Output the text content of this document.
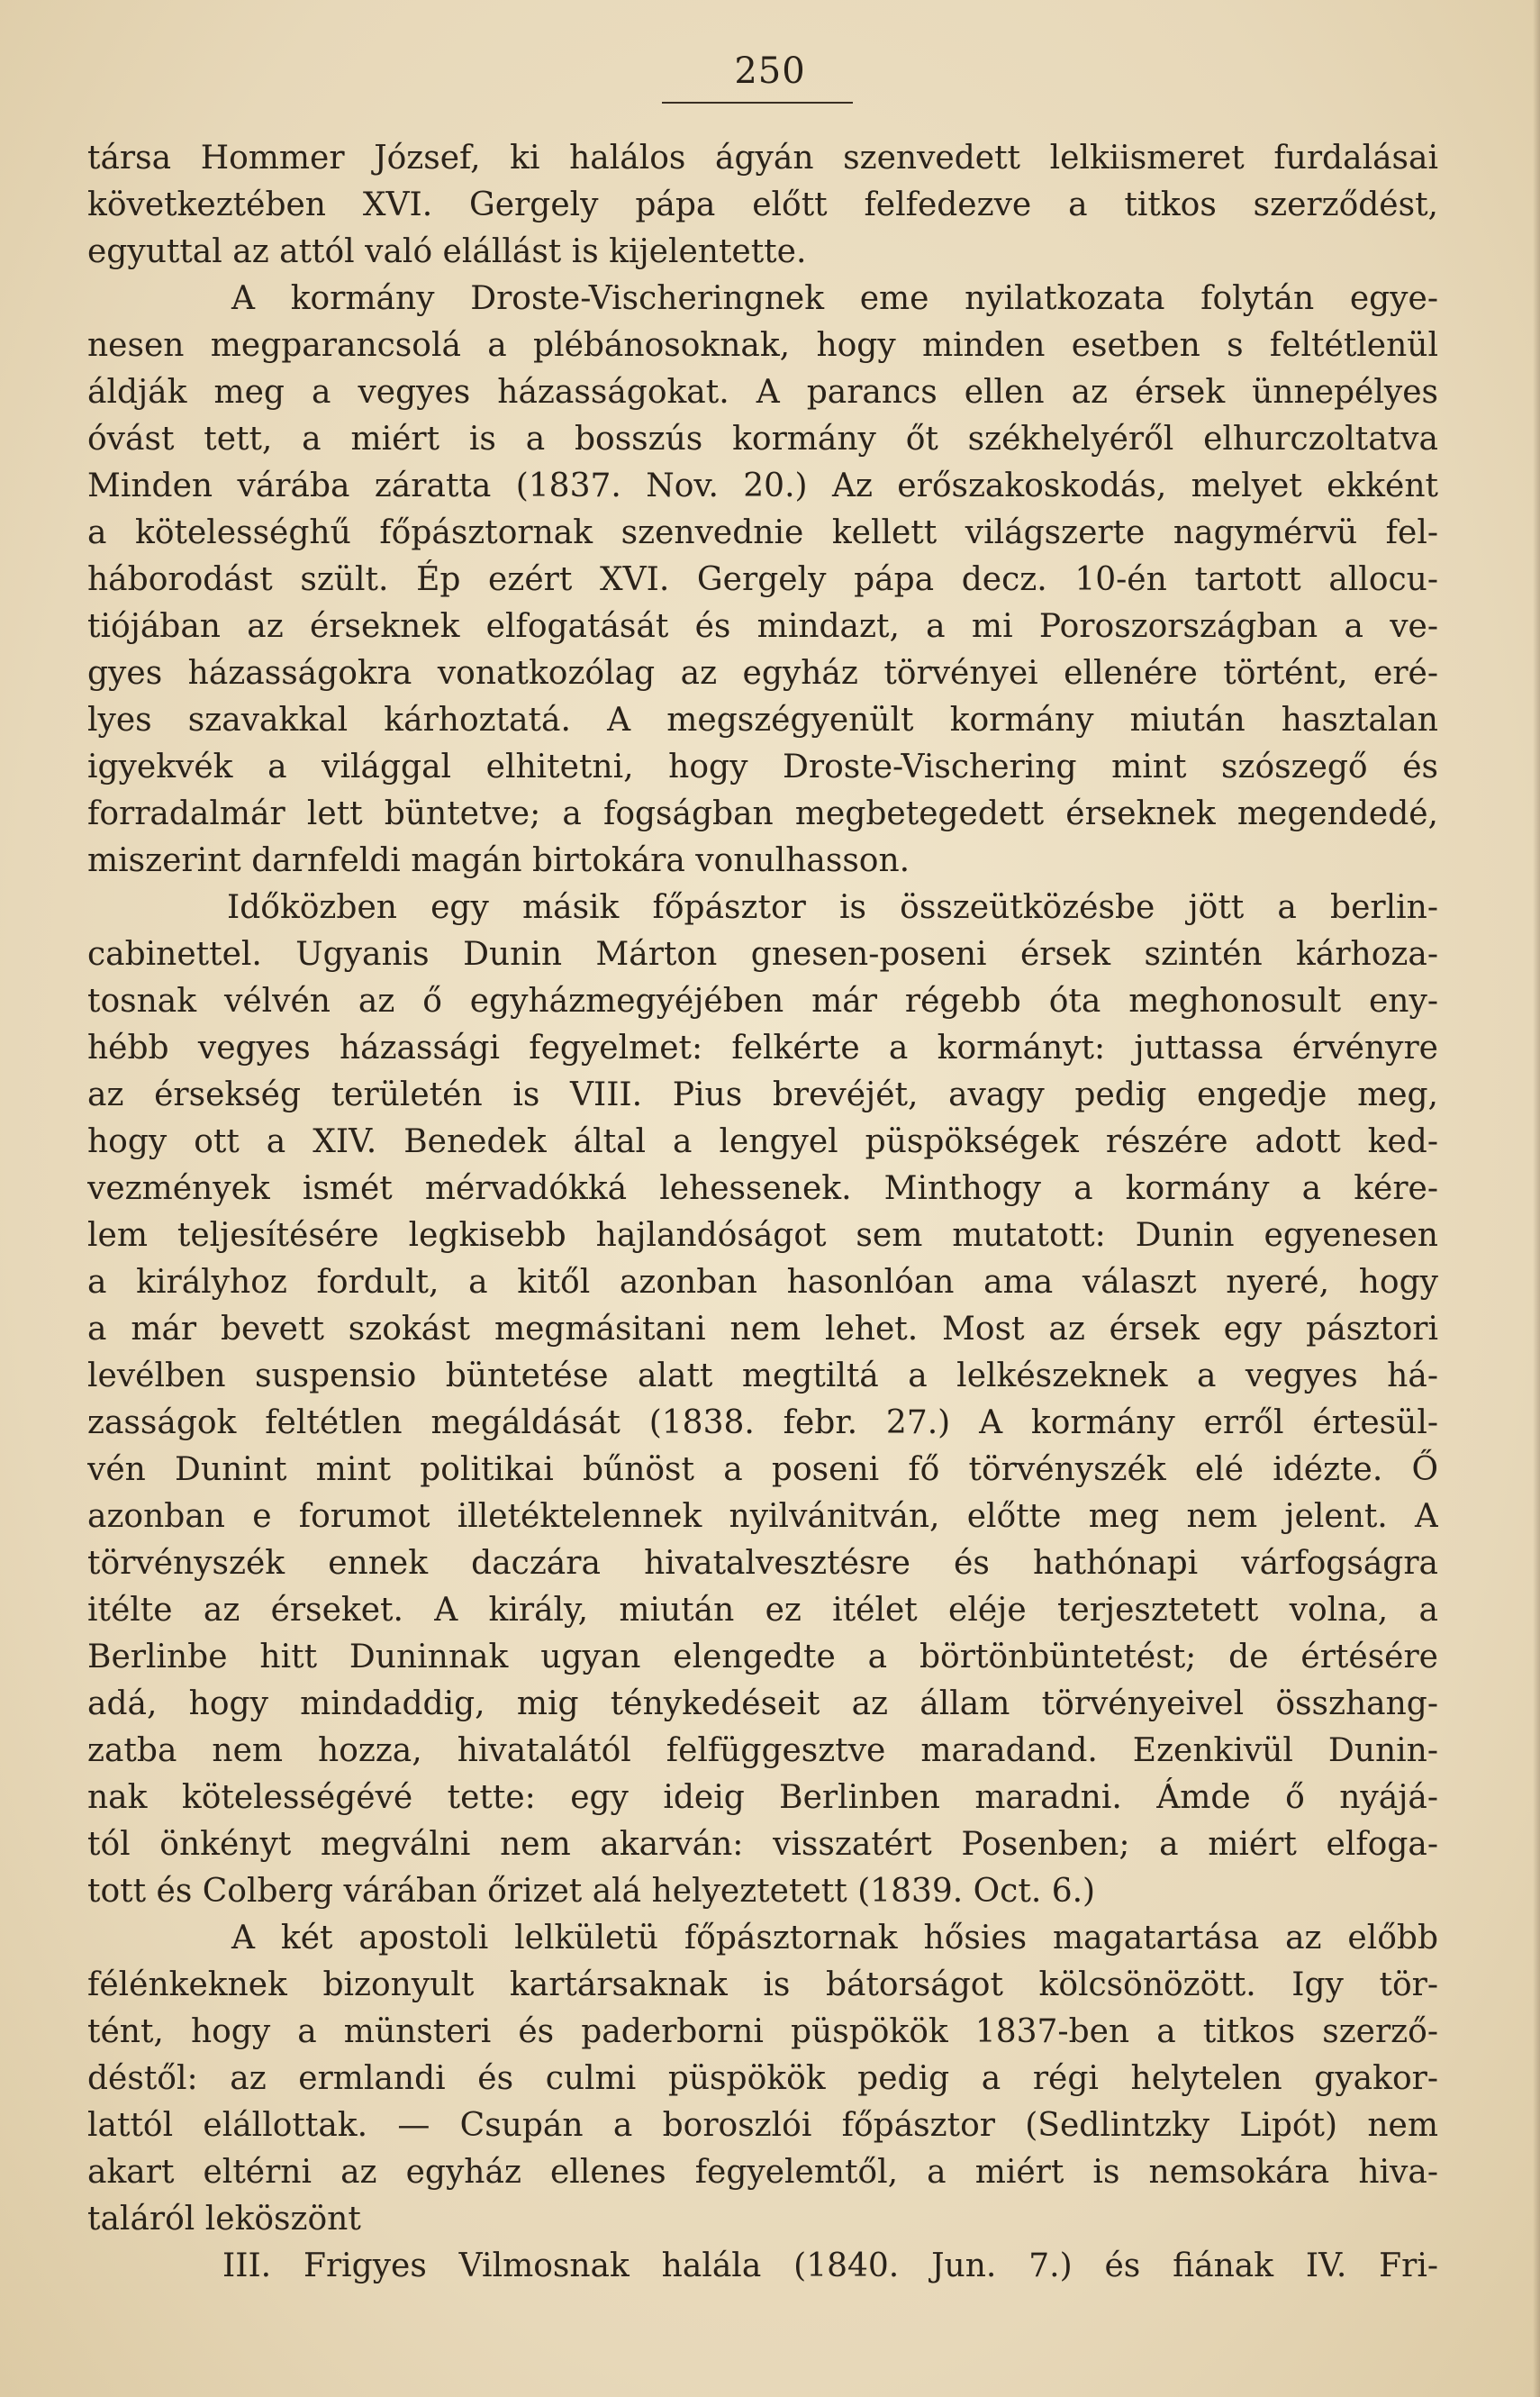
250
társa Hommer József, ki halálos ágyán szenvedett lelkiismeret furdalásai
következtében XVI. Gergely pápa előtt felfedezve a titkos szerződést,
egyuttal az attól való elállást is kijelentette.
A kormány Droste-Vischeringnek eme nyilatkozata folytán egye-
nesen megparancsolá a plébánosoknak, hogy minden esetben s feltétlenül
áldják meg a vegyes házasságokat. A parancs ellen az érsek ünnepélyes
óvást tett, a miért is a bosszús kormány őt székhelyéről elhurczoltatva
Minden várába záratta (1837. Nov. 20.) Az erőszakoskodás, melyet ekként
a kötelességhű főpásztornak szenvednie kellett világszerte nagymérvü fel-
háborodást szült. Ép ezért XVI. Gergely pápa decz. 10-én tartott allocu-
tiójában az érseknek elfogatását és mindazt, a mi Poroszországban a ve-
gyes házasságokra vonatkozólag az egyház törvényei ellenére történt, eré-
lyes szavakkal kárhoztatá. A megszégyenült kormány miután hasztalan
igyekvék a világgal elhitetni, hogy Droste-Vischering mint szószegő és
forradalmár lett büntetve; a fogságban megbetegedett érseknek megendedé,
miszerint darnfeldi magán birtokára vonulhasson.
Időközben egy másik főpásztor is összeütközésbe jött a berlin-
cabinettel. Ugyanis Dunin Márton gnesen-poseni érsek szintén kárhoza-
tosnak vélvén az ő egyházmegyéjében már régebb óta meghonosult eny-
hébb vegyes házassági fegyelmet: felkérte a kormányt: juttassa érvényre
az érsekség területén is VIII. Pius brevéjét, avagy pedig engedje meg,
hogy ott a XIV. Benedek által a lengyel püspökségek részére adott ked-
vezmények ismét mérvadókká lehessenek. Minthogy a kormány a kére-
lem teljesítésére legkisebb hajlandóságot sem mutatott: Dunin egyenesen
a királyhoz fordult, a kitől azonban hasonlóan ama választ nyeré, hogy
a már bevett szokást megmásitani nem lehet. Most az érsek egy pásztori
levélben suspensio büntetése alatt megtiltá a lelkészeknek a vegyes há-
zasságok feltétlen megáldását (1838. febr. 27.) A kormány erről értesül-
vén Dunint mint politikai bűnöst a poseni fő törvényszék elé idézte. Ő
azonban e forumot illetéktelennek nyilvánitván, előtte meg nem jelent. A
törvényszék ennek daczára hivatalvesztésre és hathónapi várfogságra
itélte az érseket. A király, miután ez itélet eléje terjesztetett volna, a
Berlinbe hitt Duninnak ugyan elengedte a börtönbüntetést; de értésére
adá, hogy mindaddig, mig ténykedéseit az állam törvényeivel összhang-
zatba nem hozza, hivatalától felfüggesztve maradand. Ezenkivül Dunin-
nak kötelességévé tette: egy ideig Berlinben maradni. Ámde ő nyájá-
tól önkényt megválni nem akarván: visszatért Posenben; a miért elfoga-
tott és Colberg várában őrizet alá helyeztetett (1839. Oct. 6.)
A két apostoli lelkületü főpásztornak hősies magatartása az előbb
félénkeknek bizonyult kartársaknak is bátorságot kölcsönözött. Igy tör-
tént, hogy a münsteri és paderborni püspökök 1837-ben a titkos szerző-
déstől: az ermlandi és culmi püspökök pedig a régi helytelen gyakor-
lattól elállottak. — Csupán a boroszlói főpásztor (Sedlintzky Lipót) nem
akart eltérni az egyház ellenes fegyelemtől, a miért is nemsokára hiva-
taláról leköszönt
III. Frigyes Vilmosnak halála (1840. Jun. 7.) és fiának IV. Fri-
